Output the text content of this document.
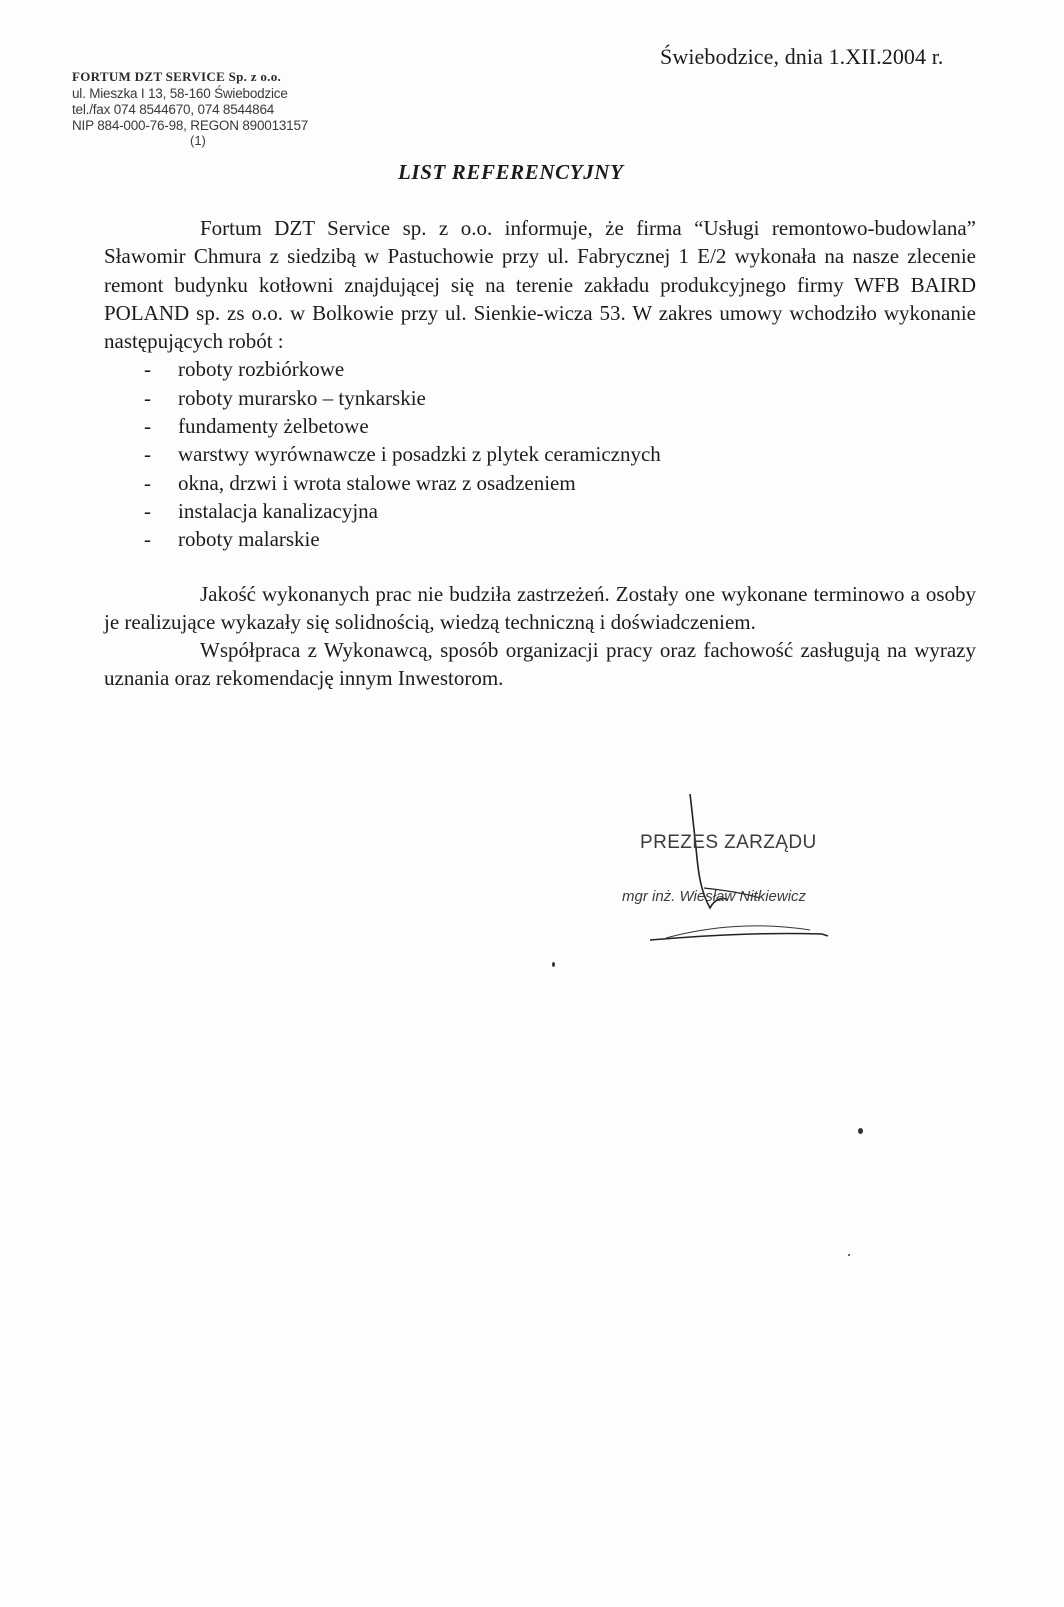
FORTUM DZT SERVICE Sp. z o.o.
ul. Mieszka I 13, 58-160 Świebodzice
tel./fax 074 8544670, 074 8544864
NIP 884-000-76-98, REGON 890013157
(1)
Świebodzice, dnia 1.XII.2004 r.
LIST REFERENCYJNY

Fortum DZT Service sp. z o.o. informuje, że firma “Usługi remontowo-budowlana” Sławomir Chmura z siedzibą w Pastuchowie przy ul. Fabrycznej 1 E/2 wykonała na nasze zlecenie remont budynku kotłowni znajdującej się na terenie zakładu produkcyjnego firmy WFB BAIRD POLAND sp. zs o.o. w Bolkowie przy ul. Sienkie-wicza 53. W zakres umowy wchodziło wykonanie następujących robót :

- roboty rozbiórkowe
- roboty murarsko – tynkarskie
- fundamenty żelbetowe
- warstwy wyrównawcze i posadzki z plytek ceramicznych
- okna, drzwi i wrota stalowe wraz z osadzeniem
- instalacja kanalizacyjna
- roboty malarskie

Jakość wykonanych prac nie budziła zastrzeżeń. Zostały one wykonane terminowo a osoby je realizujące wykazały się solidnością, wiedzą techniczną i doświadczeniem.

Współpraca z Wykonawcą, sposób organizacji pracy oraz fachowość zasługują na wyrazy uznania oraz rekomendację innym Inwestorom.

PREZES ZARZĄDU
mgr inż. Wiesław Nitkiewicz
